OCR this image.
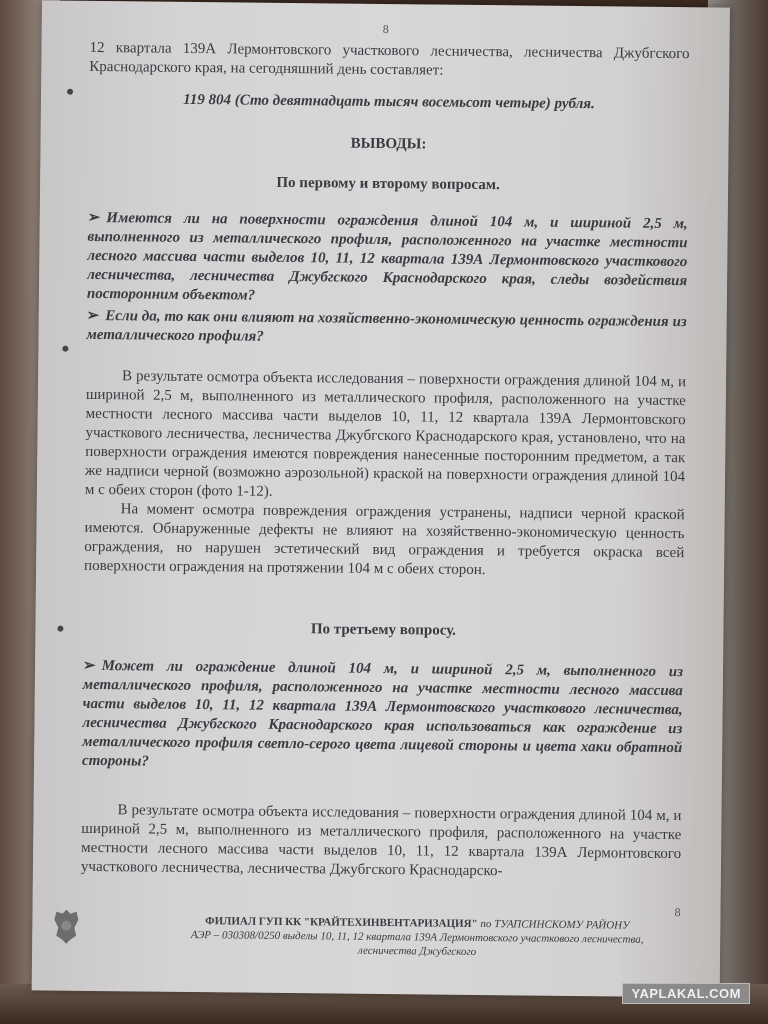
8
12 квартала 139А Лермонтовского участкового лесничества, лесничества Джубгского Краснодарского края, на сегодняшний день составляет:
119 804 (Сто девятнадцать тысяч восемьсот четыре) рубля.
ВЫВОДЫ:
По первому и второму вопросам.
➢ Имеются ли на поверхности ограждения длиной 104 м, и шириной 2,5 м, выполненного из металлического профиля, расположенного на участке местности лесного массива части выделов 10, 11, 12 квартала 139А Лермонтовского участкового лесничества, лесничества Джубгского Краснодарского края, следы воздействия посторонним объектом?
➢ Если да, то как они влияют на хозяйственно-экономическую ценность ограждения из металлического профиля?

В результате осмотра объекта исследования – поверхности ограждения длиной 104 м, и шириной 2,5 м, выполненного из металлического профиля, расположенного на участке местности лесного массива части выделов 10, 11, 12 квартала 139А Лермонтовского участкового лесничества, лесничества Джубгского Краснодарского края, установлено, что на поверхности ограждения имеются повреждения нанесенные посторонним предметом, а так же надписи черной (возможно аэрозольной) краской на поверхности ограждения длиной 104 м с обеих сторон (фото 1-12).

На момент осмотра повреждения ограждения устранены, надписи черной краской имеются. Обнаруженные дефекты не влияют на хозяйственно-экономическую ценность ограждения, но нарушен эстетический вид ограждения и требуется окраска всей поверхности ограждения на протяжении 104 м с обеих сторон.

По третьему вопросу.
➢ Может ли ограждение длиной 104 м, и шириной 2,5 м, выполненного из металлического профиля, расположенного на участке местности лесного массива части выделов 10, 11, 12 квартала 139А Лермонтовского участкового лесничества, лесничества Джубгского Краснодарского края использоваться как ограждение из металлического профиля светло-серого цвета лицевой стороны и цвета хаки обратной стороны?

В результате осмотра объекта исследования – поверхности ограждения длиной 104 м, и шириной 2,5 м, выполненного из металлического профиля, расположенного на участке местности лесного массива части выделов 10, 11, 12 квартала 139А Лермонтовского участкового лесничества, лесничества Джубгского Краснодарско-

8
ФИЛИАЛ ГУП КК "КРАЙТЕХИНВЕНТАРИЗАЦИЯ" по ТУАПСИНСКОМУ РАЙОНУ
АЭР – 030308/0250 выделы 10, 11, 12 квартала 139А Лермонтовского участкового лесничества, лесничества Джубгского
YAPLAKAL.COM
